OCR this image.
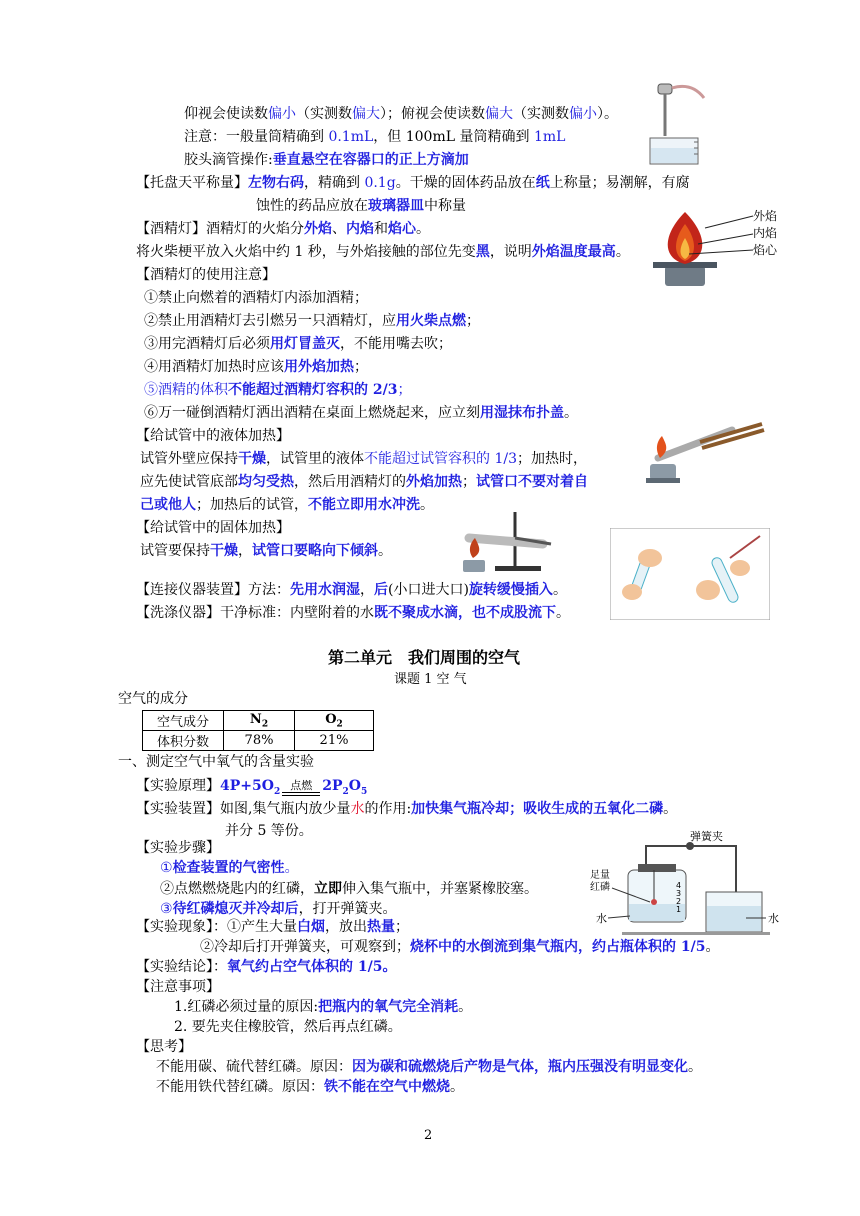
仰视会使读数偏小（实测数偏大）；俯视会使读数偏大（实测数偏小）。
注意：一般量筒精确到 0.1mL，但 100mL 量筒精确到 1mL
胶头滴管操作:垂直悬空在容器口的正上方滴加
【托盘天平称量】左物右码，精确到 0.1g。干燥的固体药品放在纸上称量；易潮解，有腐
蚀性的药品应放在玻璃器皿中称量
【酒精灯】酒精灯的火焰分外焰、内焰和焰心。
将火柴梗平放入火焰中约 1 秒，与外焰接触的部位先变黑，说明外焰温度最高。
【酒精灯的使用注意】
①禁止向燃着的酒精灯内添加酒精；
②禁止用酒精灯去引燃另一只酒精灯，应用火柴点燃；
③用完酒精灯后必须用灯冒盖灭，不能用嘴去吹；
④用酒精灯加热时应该用外焰加热；
⑤酒精的体积不能超过酒精灯容积的 2/3；
⑥万一碰倒酒精灯洒出酒精在桌面上燃烧起来，应立刻用湿抹布扑盖。
【给试管中的液体加热】
试管外壁应保持干燥，试管里的液体不能超过试管容积的 1/3；加热时，
应先使试管底部均匀受热，然后用酒精灯的外焰加热；试管口不要对着自
己或他人；加热后的试管，不能立即用水冲洗。
【给试管中的固体加热】
试管要保持干燥，试管口要略向下倾斜。
【连接仪器装置】方法：先用水润湿，后(小口进大口)旋转缓慢插入。
【洗涤仪器】干净标准：内壁附着的水既不聚成水滴，也不成股流下。
第二单元　我们周围的空气
课题 1 空 气
空气的成分
空气成分	$N_2$	$O_2$
体积分数	78%	21%
一、测定空气中氧气的含量实验
【实验原理】$4P+5O_2$ 点燃 $2P_2O_5$
【实验装置】如图,集气瓶内放少量水的作用:加快集气瓶冷却；吸收生成的五氧化二磷。
并分 5 等份。
【实验步骤】
①检查装置的气密性。
②点燃燃烧匙内的红磷，立即伸入集气瓶中，并塞紧橡胶塞。
③待红磷熄灭并冷却后，打开弹簧夹。
【实验现象】：①产生大量白烟，放出热量；
②冷却后打开弹簧夹，可观察到；烧杯中的水倒流到集气瓶内，约占瓶体积的 1/5。
【实验结论】：氧气约占空气体积的 1/5。
【注意事项】
1.红磷必须过量的原因:把瓶内的氧气完全消耗。
2. 要先夹住橡胶管，然后再点红磷。
【思考】
不能用碳、硫代替红磷。原因：因为碳和硫燃烧后产物是气体，瓶内压强没有明显变化。
不能用铁代替红磷。原因：铁不能在空气中燃烧。
2
外焰
内焰
焰心
弹簧夹
4
3
2
1
足量
红磷
水	水
